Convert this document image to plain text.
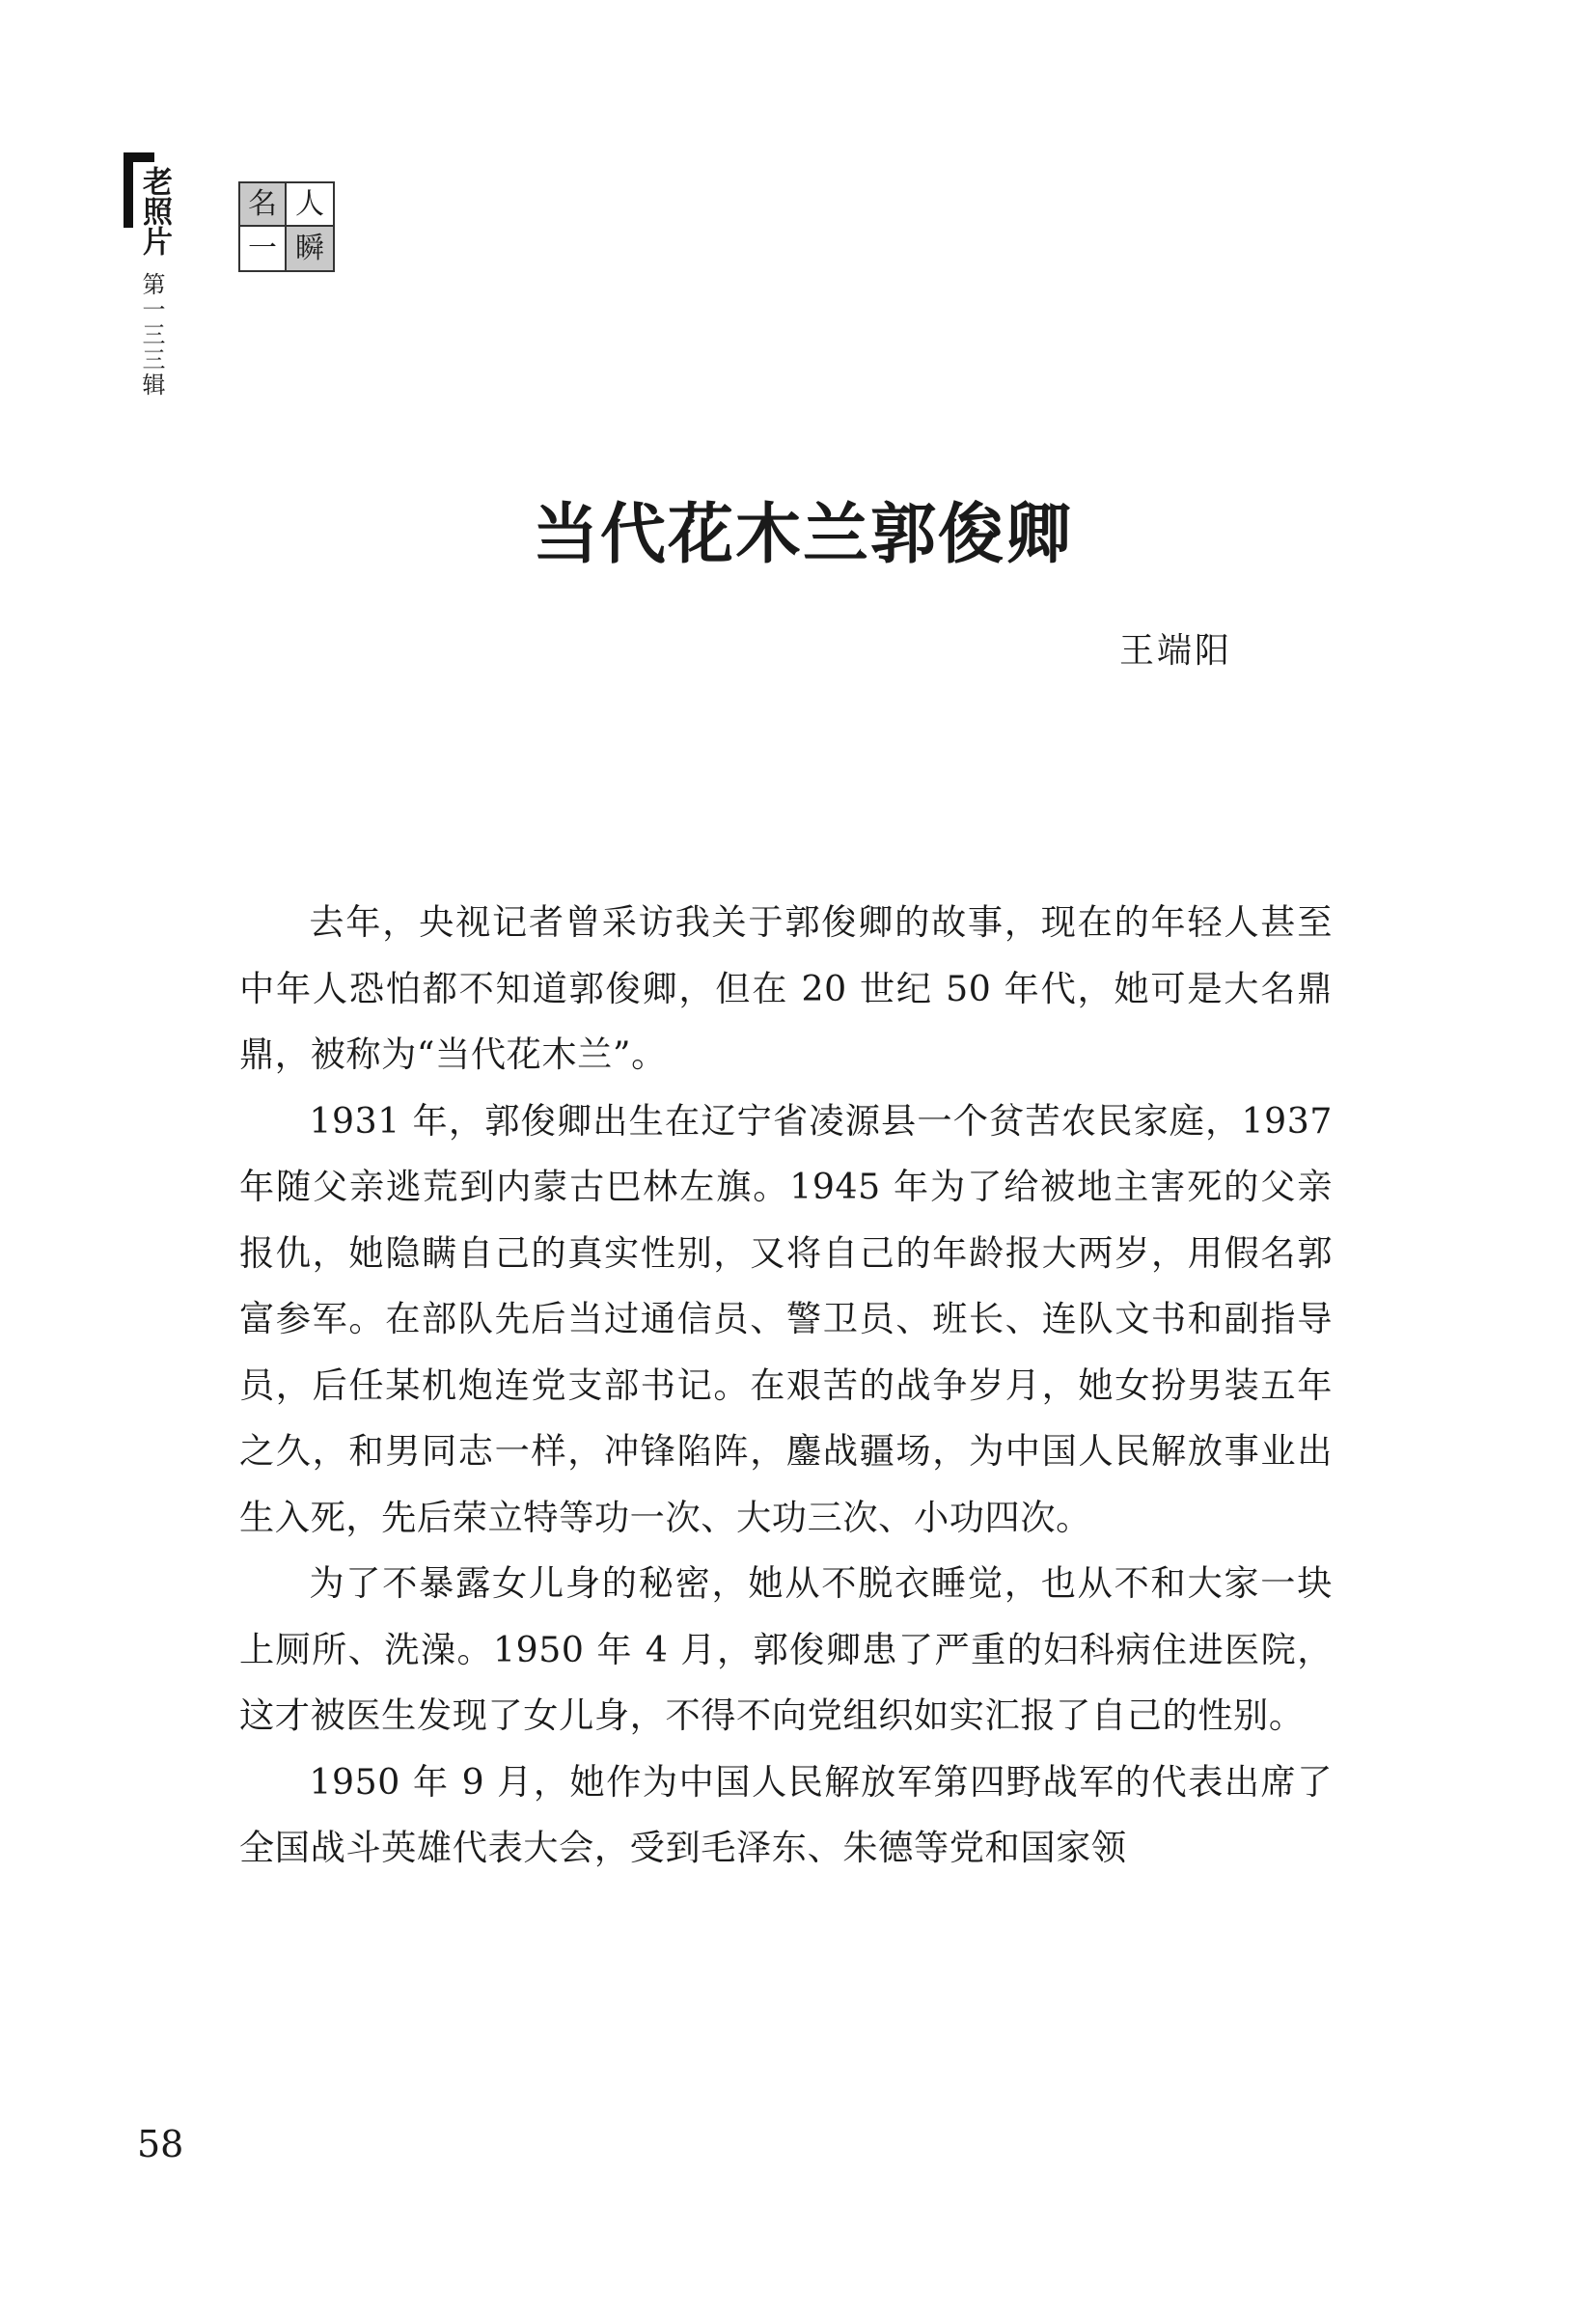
老照片
第一三三辑
名 人
一 瞬
当代花木兰郭俊卿
王端阳

去年，央视记者曾采访我关于郭俊卿的故事，现在的年轻人甚至中年人恐怕都不知道郭俊卿，但在 20 世纪 50 年代，她可是大名鼎鼎，被称为“当代花木兰”。

1931 年，郭俊卿出生在辽宁省凌源县一个贫苦农民家庭，1937 年随父亲逃荒到内蒙古巴林左旗。1945 年为了给被地主害死的父亲报仇，她隐瞒自己的真实性别，又将自己的年龄报大两岁，用假名郭富参军。在部队先后当过通信员、警卫员、班长、连队文书和副指导员，后任某机炮连党支部书记。在艰苦的战争岁月，她女扮男装五年之久，和男同志一样，冲锋陷阵，鏖战疆场，为中国人民解放事业出生入死，先后荣立特等功一次、大功三次、小功四次。

为了不暴露女儿身的秘密，她从不脱衣睡觉，也从不和大家一块上厕所、洗澡。1950 年 4 月，郭俊卿患了严重的妇科病住进医院，这才被医生发现了女儿身，不得不向党组织如实汇报了自己的性别。

1950 年 9 月，她作为中国人民解放军第四野战军的代表出席了全国战斗英雄代表大会，受到毛泽东、朱德等党和国家领

58
